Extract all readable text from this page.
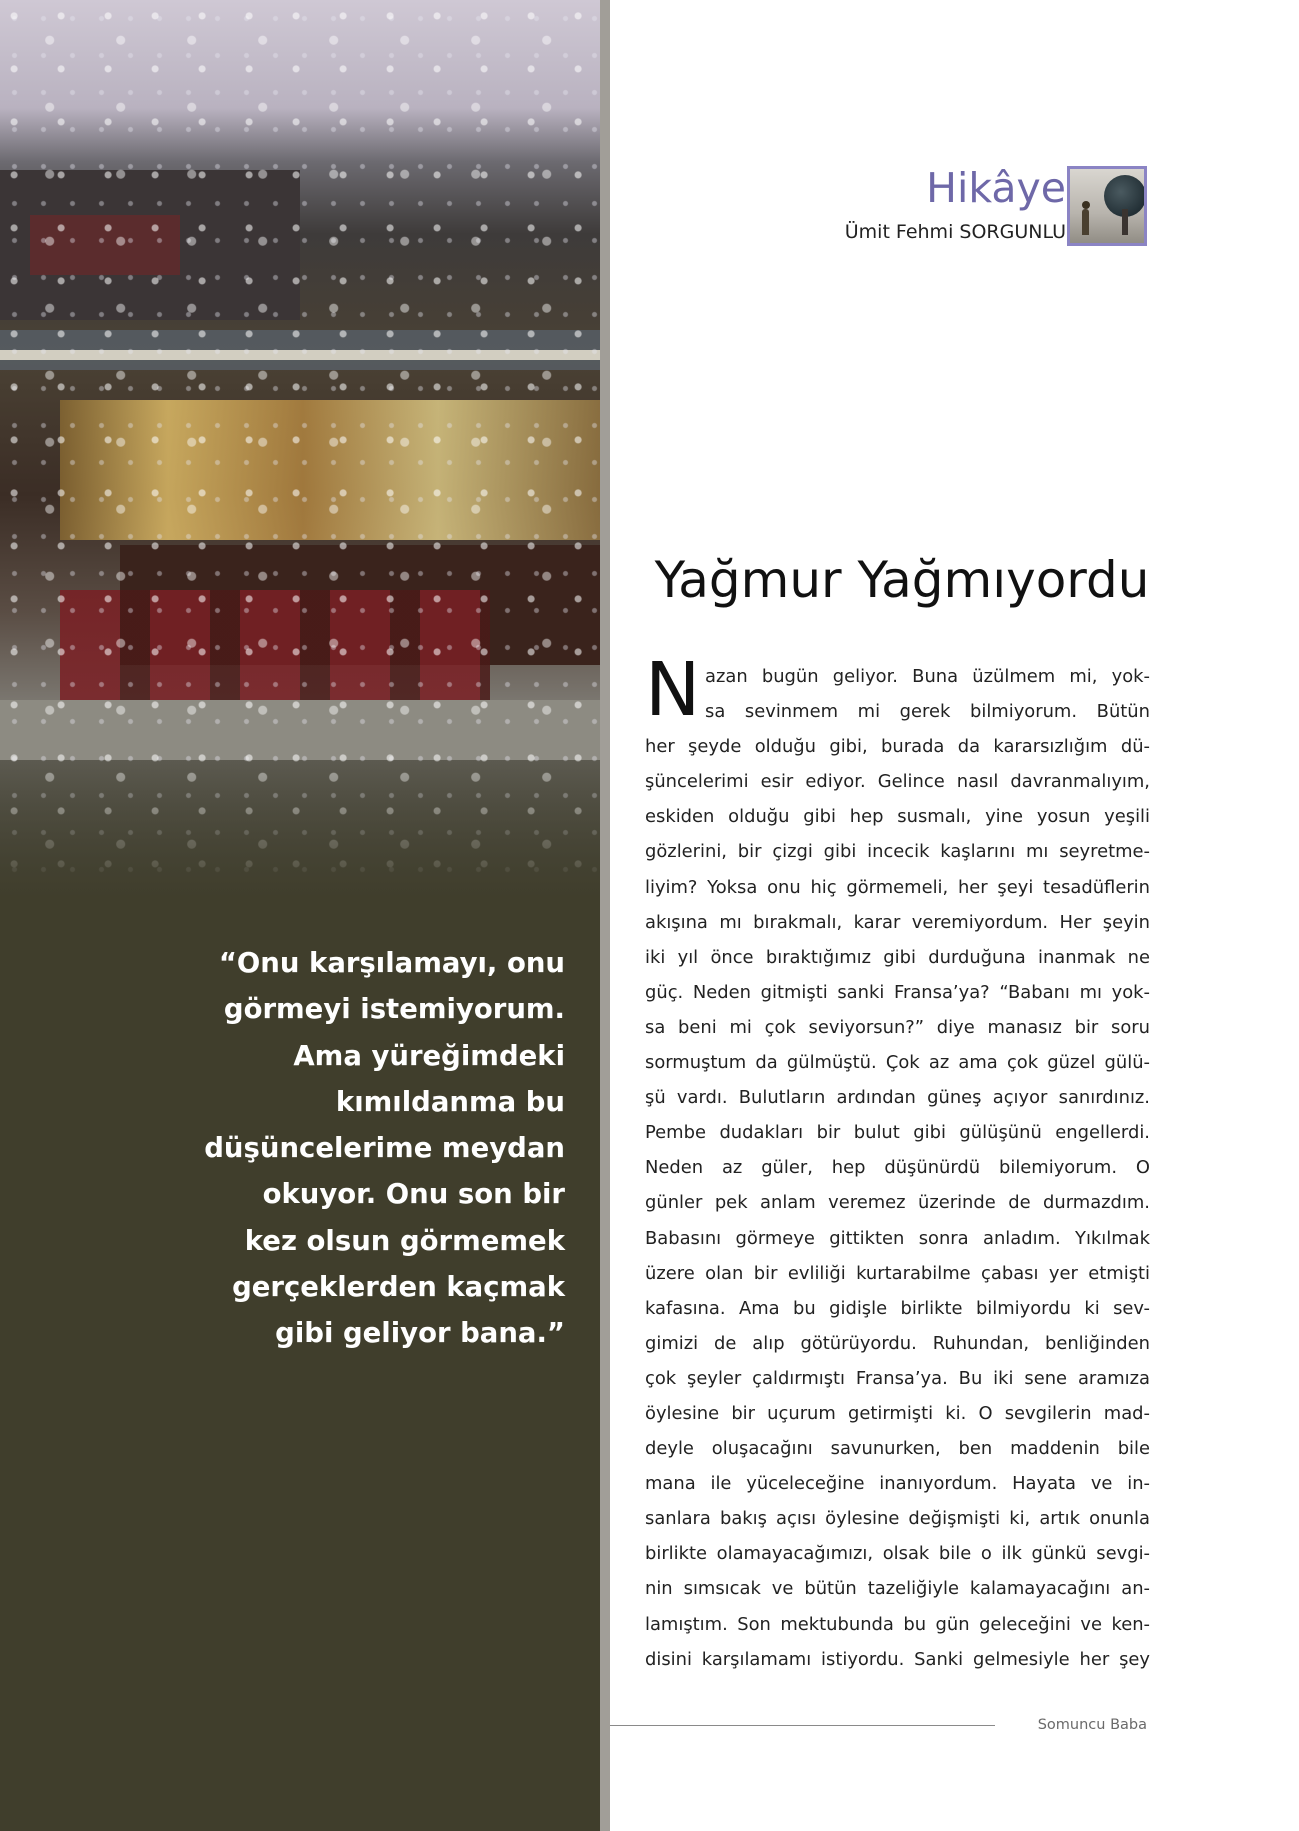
“Onu karşılamayı, onu
görmeyi istemiyorum.
Ama yüreğimdeki
kımıldanma bu
düşüncelerime meydan
okuyor. Onu son bir
kez olsun görmemek
gerçeklerden kaçmak
gibi geliyor bana.”

Hikâye
Ümit Fehmi SORGUNLU
Yağmur Yağmıyordu
N azan bugün geliyor. Buna üzülmem mi, yok-
sa sevinmem mi gerek bilmiyorum. Bütün
her şeyde olduğu gibi, burada da kararsızlığım dü-
şüncelerimi esir ediyor. Gelince nasıl davranmalıyım,
eskiden olduğu gibi hep susmalı, yine yosun yeşili
gözlerini, bir çizgi gibi incecik kaşlarını mı seyretme-
liyim? Yoksa onu hiç görmemeli, her şeyi tesadüflerin
akışına mı bırakmalı, karar veremiyordum. Her şeyin
iki yıl önce bıraktığımız gibi durduğuna inanmak ne
güç. Neden gitmişti sanki Fransa’ya? “Babanı mı yok-
sa beni mi çok seviyorsun?” diye manasız bir soru
sormuştum da gülmüştü. Çok az ama çok güzel gülü-
şü vardı. Bulutların ardından güneş açıyor sanırdınız.
Pembe dudakları bir bulut gibi gülüşünü engellerdi.
Neden az güler, hep düşünürdü bilemiyorum. O
günler pek anlam veremez üzerinde de durmazdım.
Babasını görmeye gittikten sonra anladım. Yıkılmak
üzere olan bir evliliği kurtarabilme çabası yer etmişti
kafasına. Ama bu gidişle birlikte bilmiyordu ki sev-
gimizi de alıp götürüyordu. Ruhundan, benliğinden
çok şeyler çaldırmıştı Fransa’ya. Bu iki sene aramıza
öylesine bir uçurum getirmişti ki. O sevgilerin mad-
deyle oluşacağını savunurken, ben maddenin bile
mana ile yüceleceğine inanıyordum. Hayata ve in-
sanlara bakış açısı öylesine değişmişti ki, artık onunla
birlikte olamayacağımızı, olsak bile o ilk günkü sevgi-
nin sımsıcak ve bütün tazeliğiyle kalamayacağını an-
lamıştım. Son mektubunda bu gün geleceğini ve ken-
disini karşılamamı istiyordu. Sanki gelmesiyle her şey
Somuncu Baba
